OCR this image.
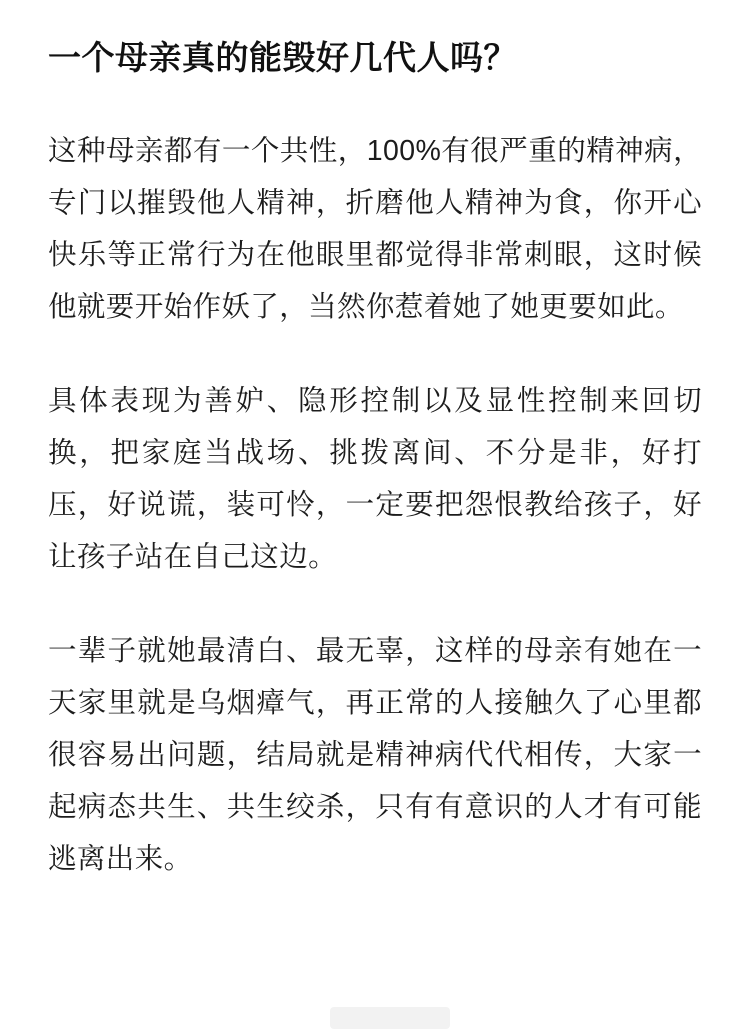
一个母亲真的能毁好几代人吗？

这种母亲都有一个共性，100%有很严重的精神病，专门以摧毁他人精神，折磨他人精神为食，你开心快乐等正常行为在他眼里都觉得非常刺眼，这时候他就要开始作妖了，当然你惹着她了她更要如此。

具体表现为善妒、隐形控制以及显性控制来回切换，把家庭当战场、挑拨离间、不分是非，好打压，好说谎，装可怜，一定要把怨恨教给孩子，好让孩子站在自己这边。

一辈子就她最清白、最无辜，这样的母亲有她在一天家里就是乌烟瘴气，再正常的人接触久了心里都很容易出问题，结局就是精神病代代相传，大家一起病态共生、共生绞杀，只有有意识的人才有可能逃离出来。
